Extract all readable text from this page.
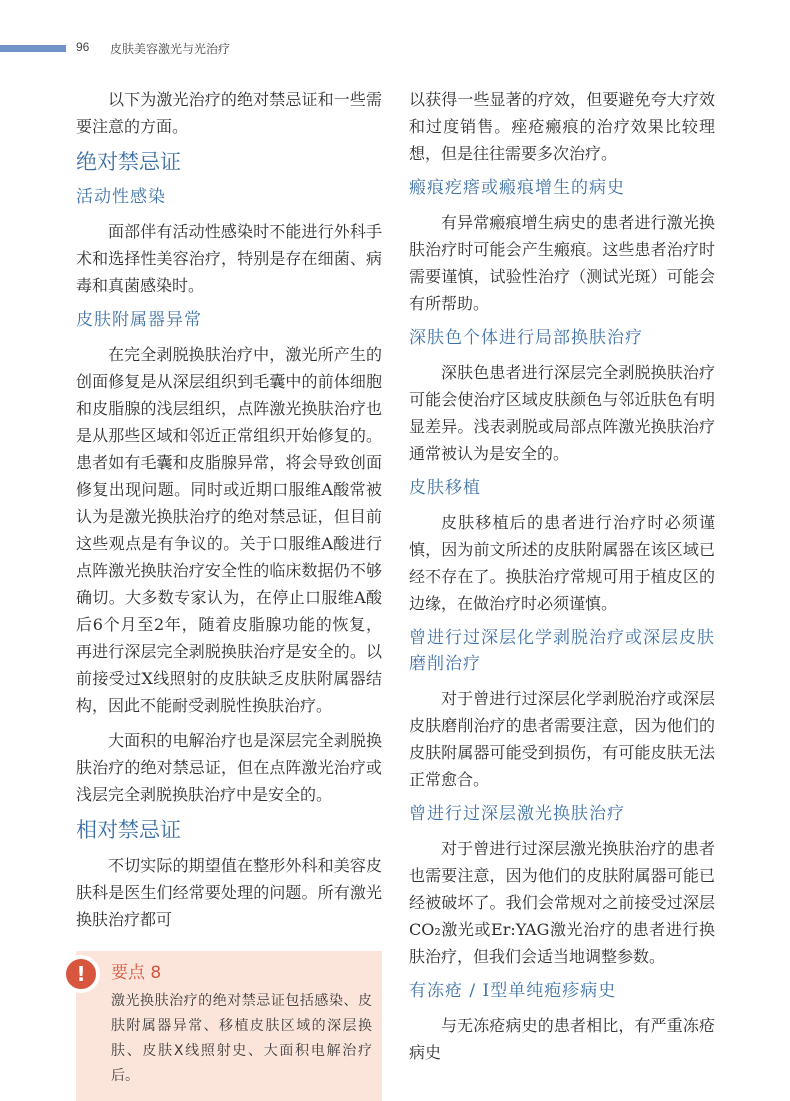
96 皮肤美容激光与光治疗

以下为激光治疗的绝对禁忌证和一些需要注意的方面。

绝对禁忌证
活动性感染

面部伴有活动性感染时不能进行外科手术和选择性美容治疗，特别是存在细菌、病毒和真菌感染时。

皮肤附属器异常

在完全剥脱换肤治疗中，激光所产生的创面修复是从深层组织到毛囊中的前体细胞和皮脂腺的浅层组织，点阵激光换肤治疗也是从那些区域和邻近正常组织开始修复的。患者如有毛囊和皮脂腺异常，将会导致创面修复出现问题。同时或近期口服维A酸常被认为是激光换肤治疗的绝对禁忌证，但目前这些观点是有争议的。关于口服维A酸进行点阵激光换肤治疗安全性的临床数据仍不够确切。大多数专家认为，在停止口服维A酸后6个月至2年，随着皮脂腺功能的恢复，再进行深层完全剥脱换肤治疗是安全的。以前接受过X线照射的皮肤缺乏皮肤附属器结构，因此不能耐受剥脱性换肤治疗。

大面积的电解治疗也是深层完全剥脱换肤治疗的绝对禁忌证，但在点阵激光治疗或浅层完全剥脱换肤治疗中是安全的。

相对禁忌证

不切实际的期望值在整形外科和美容皮肤科是医生们经常要处理的问题。所有激光换肤治疗都可

!	要点 8
激光换肤治疗的绝对禁忌证包括感染、皮肤附属器异常、移植皮肤区域的深层换肤、皮肤X线照射史、大面积电解治疗后。

以获得一些显著的疗效，但要避免夸大疗效和过度销售。痤疮瘢痕的治疗效果比较理想，但是往往需要多次治疗。

瘢痕疙瘩或瘢痕增生的病史

有异常瘢痕增生病史的患者进行激光换肤治疗时可能会产生瘢痕。这些患者治疗时需要谨慎，试验性治疗（测试光斑）可能会有所帮助。

深肤色个体进行局部换肤治疗

深肤色患者进行深层完全剥脱换肤治疗可能会使治疗区域皮肤颜色与邻近肤色有明显差异。浅表剥脱或局部点阵激光换肤治疗通常被认为是安全的。

皮肤移植

皮肤移植后的患者进行治疗时必须谨慎，因为前文所述的皮肤附属器在该区域已经不存在了。换肤治疗常规可用于植皮区的边缘，在做治疗时必须谨慎。

曾进行过深层化学剥脱治疗或深层皮肤磨削治疗

对于曾进行过深层化学剥脱治疗或深层皮肤磨削治疗的患者需要注意，因为他们的皮肤附属器可能受到损伤，有可能皮肤无法正常愈合。

曾进行过深层激光换肤治疗

对于曾进行过深层激光换肤治疗的患者也需要注意，因为他们的皮肤附属器可能已经被破坏了。我们会常规对之前接受过深层CO₂激光或Er:YAG激光治疗的患者进行换肤治疗，但我们会适当地调整参数。

有冻疮 / Ⅰ型单纯疱疹病史

与无冻疮病史的患者相比，有严重冻疮病史
